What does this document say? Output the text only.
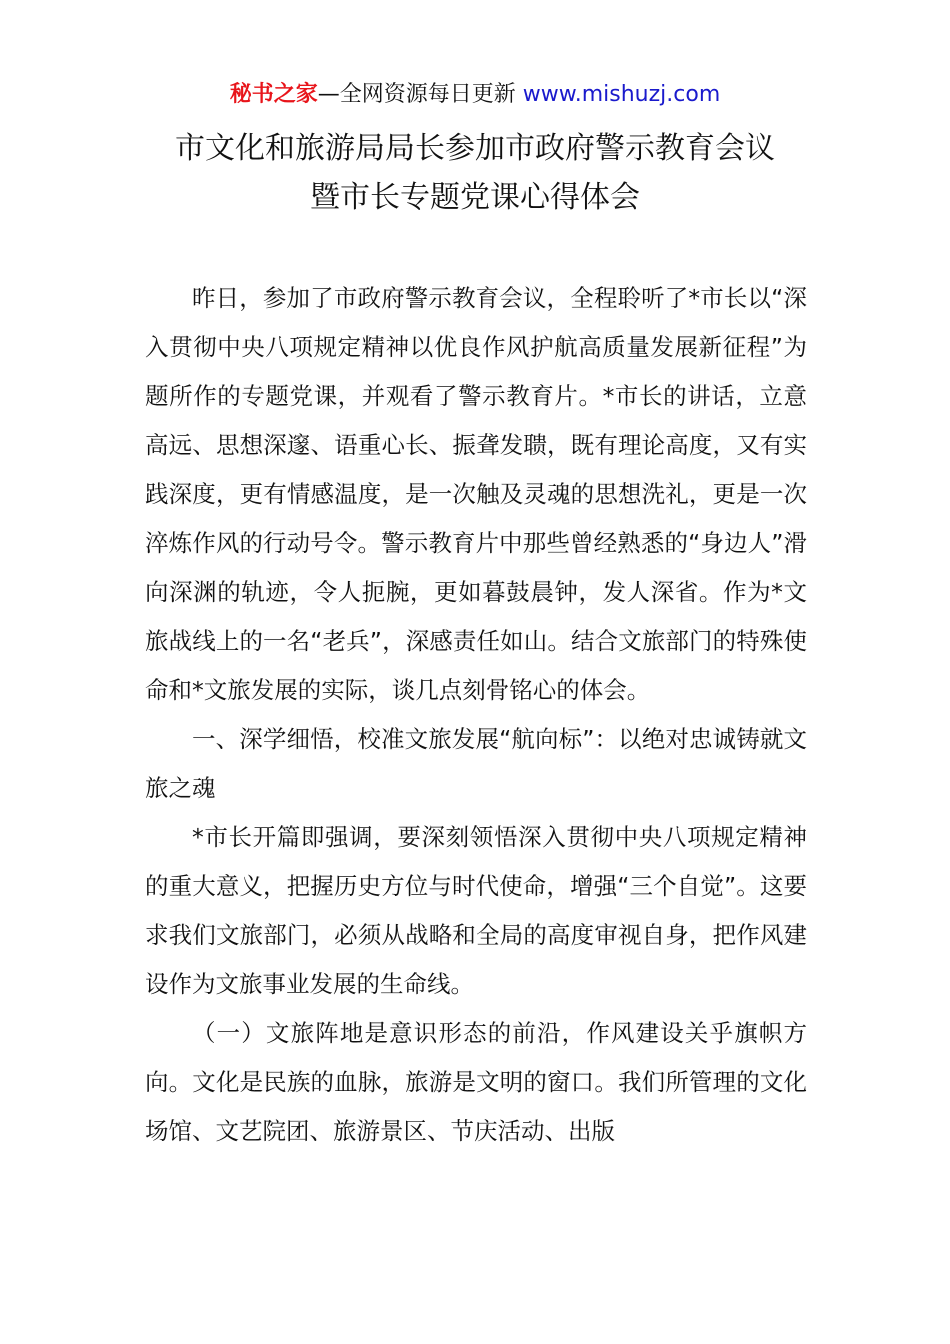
秘书之家—全网资源每日更新 www.mishuzj.com
市文化和旅游局局长参加市政府警示教育会议
暨市长专题党课心得体会

昨日，参加了市政府警示教育会议，全程聆听了*市长以“深入贯彻中央八项规定精神以优良作风护航高质量发展新征程”为题所作的专题党课，并观看了警示教育片。*市长的讲话，立意高远、思想深邃、语重心长、振聋发聩，既有理论高度，又有实践深度，更有情感温度，是一次触及灵魂的思想洗礼，更是一次淬炼作风的行动号令。警示教育片中那些曾经熟悉的“身边人”滑向深渊的轨迹，令人扼腕，更如暮鼓晨钟，发人深省。作为*文旅战线上的一名“老兵”，深感责任如山。结合文旅部门的特殊使命和*文旅发展的实际，谈几点刻骨铭心的体会。

一、深学细悟，校准文旅发展“航向标”：以绝对忠诚铸就文旅之魂

*市长开篇即强调，要深刻领悟深入贯彻中央八项规定精神的重大意义，把握历史方位与时代使命，增强“三个自觉”。这要求我们文旅部门，必须从战略和全局的高度审视自身，把作风建设作为文旅事业发展的生命线。

（一）文旅阵地是意识形态的前沿，作风建设关乎旗帜方向。文化是民族的血脉，旅游是文明的窗口。我们所管理的文化场馆、文艺院团、旅游景区、节庆活动、出版
